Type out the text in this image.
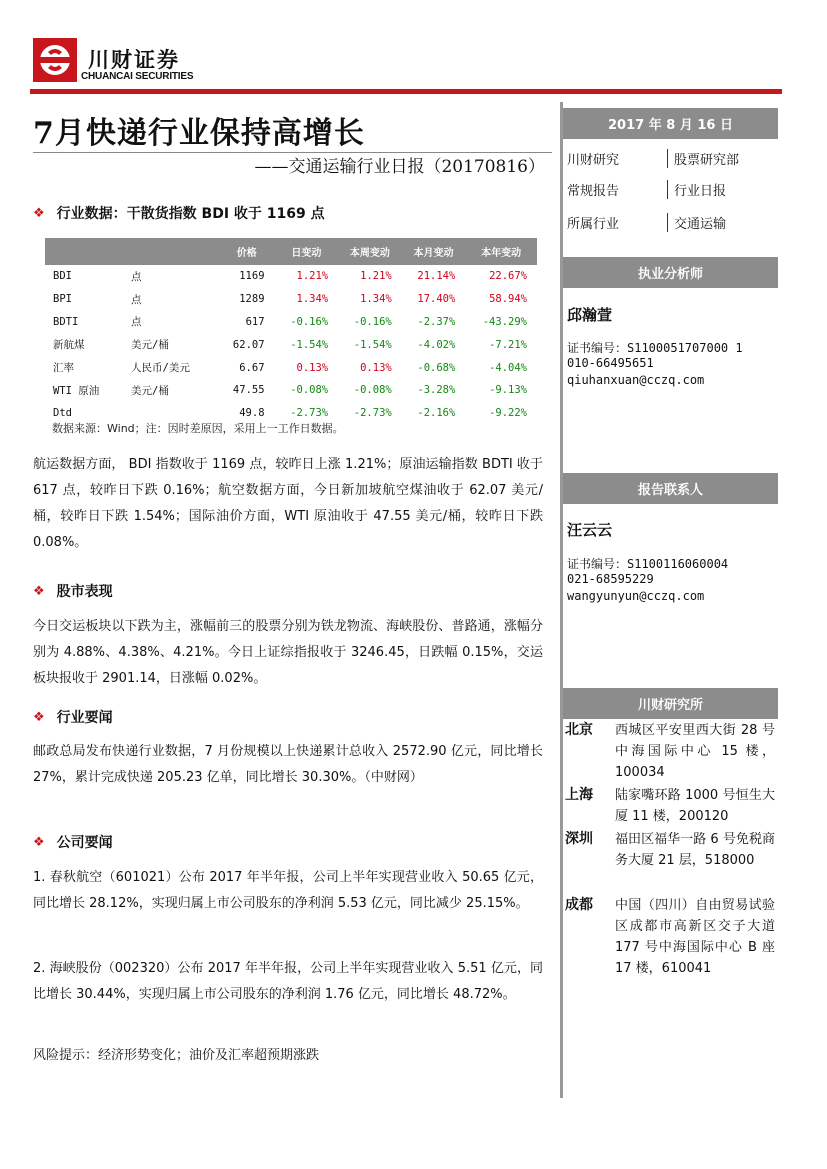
川财证券
CHUANCAI SECURITIES
7月快递行业保持高增长
——交通运输行业日报（20170816）
❖ 行业数据：干散货指数 BDI 收于 1169 点
		价格	日变动	本周变动	本月变动	本年变动
BDI	点	1169	1.21%	1.21%	21.14%	22.67%
BPI	点	1289	1.34%	1.34%	17.40%	58.94%
BDTI	点	617	-0.16%	-0.16%	-2.37%	-43.29%
新航煤	美元/桶	62.07	-1.54%	-1.54%	-4.02%	-7.21%
汇率	人民币/美元	6.67	0.13%	0.13%	-0.68%	-4.04%
WTI 原油	美元/桶	47.55	-0.08%	-0.08%	-3.28%	-9.13%
Dtd		49.8	-2.73%	-2.73%	-2.16%	-9.22%
数据来源：Wind；注：因时差原因，采用上一工作日数据。
航运数据方面， BDI 指数收于 1169 点，较昨日上涨 1.21%；原油运输指数 BDTI 收于 617 点，较昨日下跌 0.16%；航空数据方面，今日新加坡航空煤油收于 62.07 美元/桶，较昨日下跌 1.54%；国际油价方面，WTI 原油收于 47.55 美元/桶，较昨日下跌 0.08%。
❖ 股市表现
今日交运板块以下跌为主，涨幅前三的股票分别为铁龙物流、海峡股份、普路通，涨幅分别为 4.88%、4.38%、4.21%。今日上证综指报收于 3246.45，日跌幅 0.15%，交运板块报收于 2901.14，日涨幅 0.02%。
❖ 行业要闻
邮政总局发布快递行业数据，7 月份规模以上快递累计总收入 2572.90 亿元，同比增长 27%，累计完成快递 205.23 亿单，同比增长 30.30%。（中财网）
❖ 公司要闻
1. 春秋航空（601021）公布 2017 年半年报，公司上半年实现营业收入 50.65 亿元，同比增长 28.12%，实现归属上市公司股东的净利润 5.53 亿元，同比减少 25.15%。
2. 海峡股份（002320）公布 2017 年半年报，公司上半年实现营业收入 5.51 亿元，同比增长 30.44%，实现归属上市公司股东的净利润 1.76 亿元，同比增长 48.72%。
风险提示：经济形势变化；油价及汇率超预期涨跌
2017 年 8 月 16 日
川财研究	股票研究部
常规报告	行业日报
所属行业	交通运输
执业分析师
邱瀚萱
证书编号：S1100051707000 1
010-66495651
qiuhanxuan@cczq.com
报告联系人
汪云云
证书编号：S1100116060004
021-68595229
wangyunyun@cczq.com
川财研究所
北京	西城区平安里西大街 28 号中海国际中心 15 楼，100034
上海	陆家嘴环路 1000 号恒生大厦 11 楼，200120
深圳	福田区福华一路 6 号免税商务大厦 21 层，518000
成都	中国（四川）自由贸易试验区成都市高新区交子大道 177 号中海国际中心 B 座 17 楼，610041
